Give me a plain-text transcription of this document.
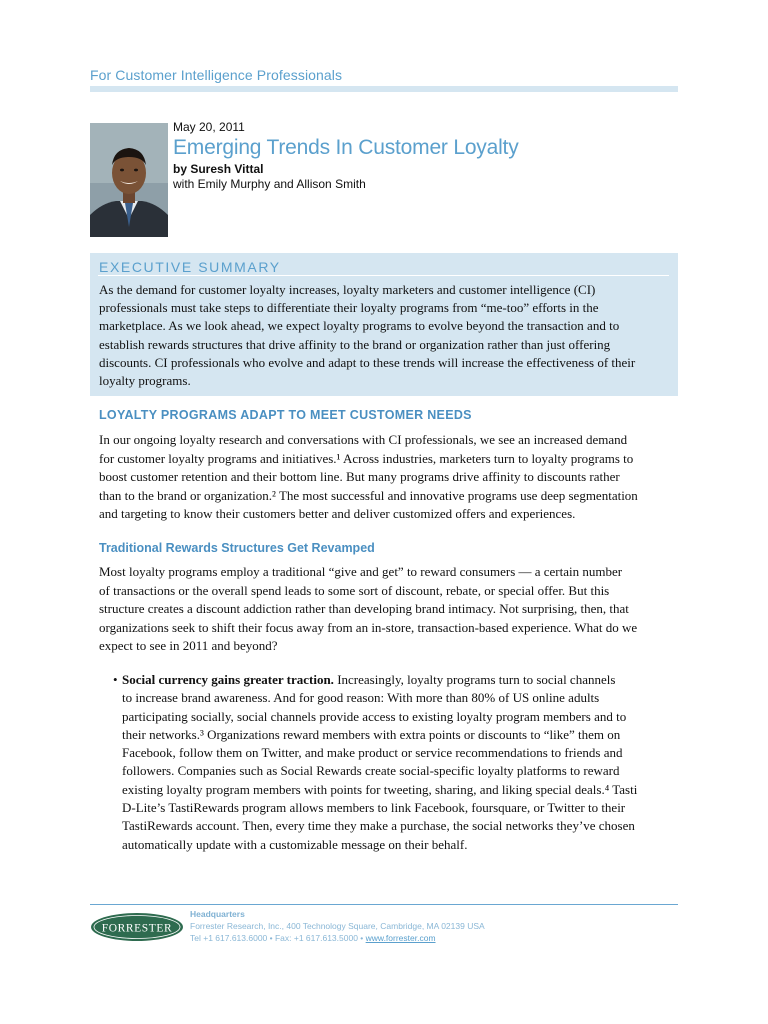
For Customer Intelligence Professionals
May 20, 2011
Emerging Trends In Customer Loyalty
by Suresh Vittal
with Emily Murphy and Allison Smith
EXECUTIVE SUMMARY
As the demand for customer loyalty increases, loyalty marketers and customer intelligence (CI)
professionals must take steps to differentiate their loyalty programs from “me-too” efforts in the
marketplace. As we look ahead, we expect loyalty programs to evolve beyond the transaction and to
establish rewards structures that drive affinity to the brand or organization rather than just offering
discounts. CI professionals who evolve and adapt to these trends will increase the effectiveness of their
loyalty programs.
LOYALTY PROGRAMS ADAPT TO MEET CUSTOMER NEEDS
In our ongoing loyalty research and conversations with CI professionals, we see an increased demand
for customer loyalty programs and initiatives.¹ Across industries, marketers turn to loyalty programs to
boost customer retention and their bottom line. But many programs drive affinity to discounts rather
than to the brand or organization.² The most successful and innovative programs use deep segmentation
and targeting to know their customers better and deliver customized offers and experiences.
Traditional Rewards Structures Get Revamped
Most loyalty programs employ a traditional “give and get” to reward consumers — a certain number
of transactions or the overall spend leads to some sort of discount, rebate, or special offer. But this
structure creates a discount addiction rather than developing brand intimacy. Not surprising, then, that
organizations seek to shift their focus away from an in-store, transaction-based experience. What do we
expect to see in 2011 and beyond?
• Social currency gains greater traction. Increasingly, loyalty programs turn to social channels
to increase brand awareness. And for good reason: With more than 80% of US online adults
participating socially, social channels provide access to existing loyalty program members and to
their networks.³ Organizations reward members with extra points or discounts to “like” them on
Facebook, follow them on Twitter, and make product or service recommendations to friends and
followers. Companies such as Social Rewards create social-specific loyalty platforms to reward
existing loyalty program members with points for tweeting, sharing, and liking special deals.⁴ Tasti
D-Lite’s TastiRewards program allows members to link Facebook, foursquare, or Twitter to their
TastiRewards account. Then, every time they make a purchase, the social networks they’ve chosen
automatically update with a customizable message on their behalf.
FORRESTER
Headquarters
Forrester Research, Inc., 400 Technology Square, Cambridge, MA 02139 USA
Tel +1 617.613.6000 • Fax: +1 617.613.5000 • www.forrester.com
